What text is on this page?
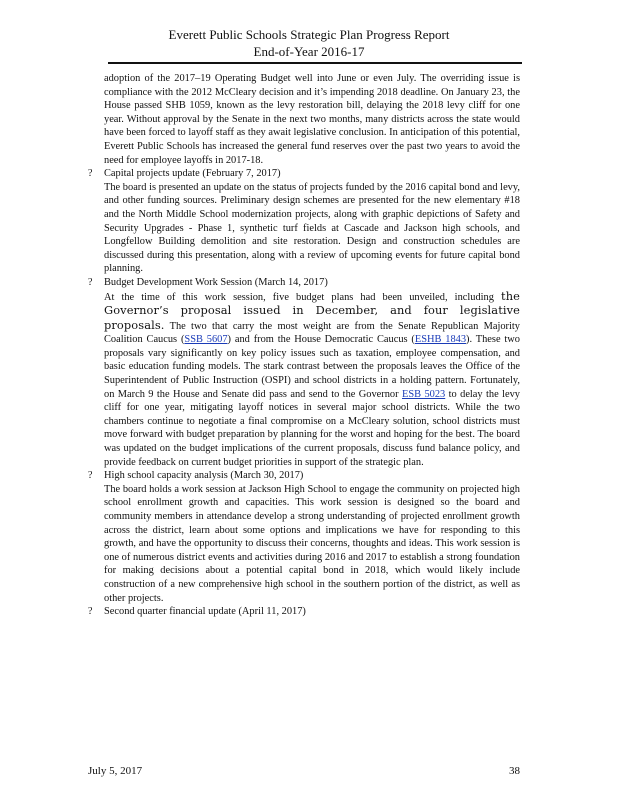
Everett Public Schools Strategic Plan Progress Report
End-of-Year 2016-17

adoption of the 2017–19 Operating Budget well into June or even July. The overriding issue is compliance with the 2012 McCleary decision and it’s impending 2018 deadline. On January 23, the House passed SHB 1059, known as the levy restoration bill, delaying the 2018 levy cliff for one year. Without approval by the Senate in the next two months, many districts across the state would have been forced to layoff staff as they await legislative conclusion. In anticipation of this potential, Everett Public Schools has increased the general fund reserves over the past two years to avoid the need for employee layoffs in 2017-18.

?	Capital projects update (February 7, 2017)
The board is presented an update on the status of projects funded by the 2016 capital bond and levy, and other funding sources. Preliminary design schemes are presented for the new elementary #18 and the North Middle School modernization projects, along with graphic depictions of Safety and Security Upgrades - Phase 1, synthetic turf fields at Cascade and Jackson high schools, and Longfellow Building demolition and site restoration. Design and construction schedules are discussed during this presentation, along with a review of upcoming events for future capital bond planning.
?	Budget Development Work Session (March 14, 2017)
At the time of this work session, five budget plans had been unveiled, including the Governor’s proposal issued in December, and four legislative proposals. The two that carry the most weight are from the Senate Republican Majority Coalition Caucus (SSB 5607) and from the House Democratic Caucus (ESHB 1843). These two proposals vary significantly on key policy issues such as taxation, employee compensation, and basic education funding models. The stark contrast between the proposals leaves the Office of the Superintendent of Public Instruction (OSPI) and school districts in a holding pattern. Fortunately, on March 9 the House and Senate did pass and send to the Governor ESB 5023 to delay the levy cliff for one year, mitigating layoff notices in several major school districts. While the two chambers continue to negotiate a final compromise on a McCleary solution, school districts must move forward with budget preparation by planning for the worst and hoping for the best. The board was updated on the budget implications of the current proposals, discuss fund balance policy, and provide feedback on current budget priorities in support of the strategic plan.
?	High school capacity analysis (March 30, 2017)
The board holds a work session at Jackson High School to engage the community on projected high school enrollment growth and capacities. This work session is designed so the board and community members in attendance develop a strong understanding of projected enrollment growth across the district, learn about some options and implications we have for responding to this growth, and have the opportunity to discuss their concerns, thoughts and ideas. This work session is one of numerous district events and activities during 2016 and 2017 to establish a strong foundation for making decisions about a potential capital bond in 2018, which would likely include construction of a new comprehensive high school in the southern portion of the district, as well as other projects.
?	Second quarter financial update (April 11, 2017)
July 5, 2017	38
